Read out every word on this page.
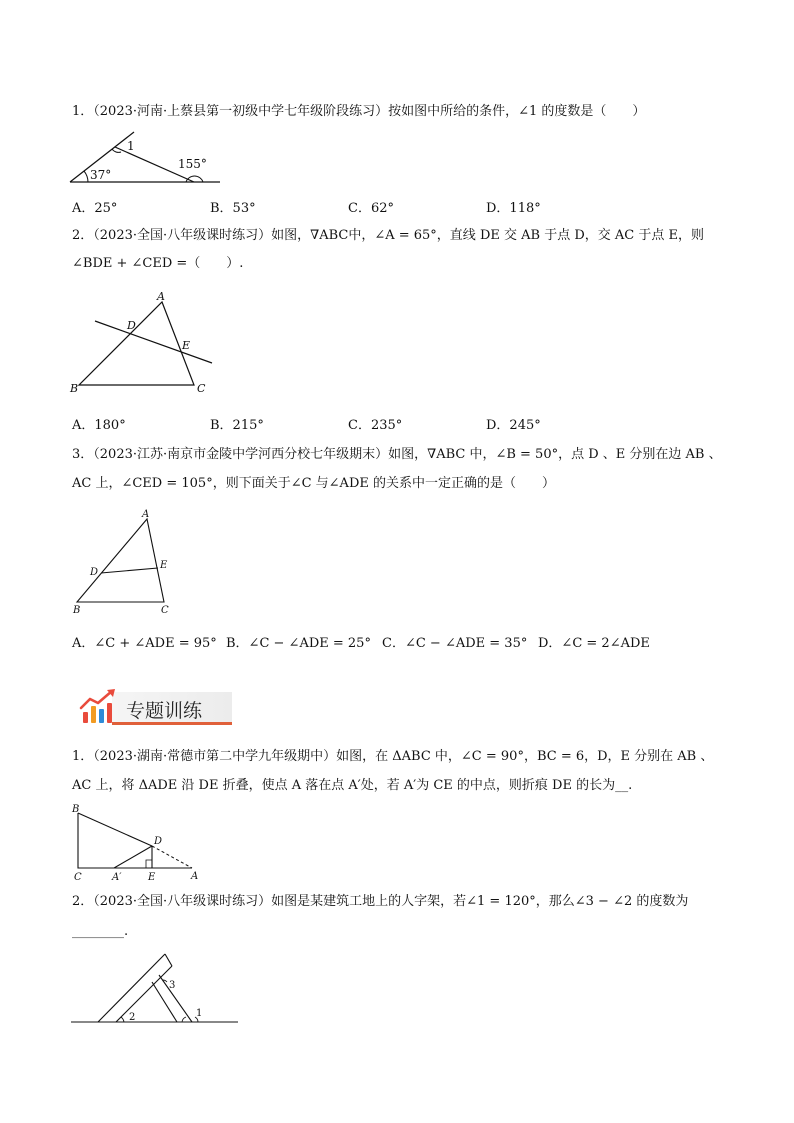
1．（2023·河南·上蔡县第一初级中学七年级阶段练习）按如图中所给的条件，∠1 的度数是（　　）
37°
155°
1
A．25°	B．53°	C．62°	D．118°
2．（2023·全国·八年级课时练习）如图，∇ABC中，∠A = 65°，直线 DE 交 AB 于点 D，交 AC 于点 E，则
∠BDE + ∠CED =（　　）.
A
B	C
D
E
A．180°	B．215°	C．235°	D．245°
3．（2023·江苏·南京市金陵中学河西分校七年级期末）如图，∇ABC 中，∠B = 50°，点 D 、E 分别在边 AB 、
AC 上，∠CED = 105°，则下面关于∠C 与∠ADE 的关系中一定正确的是（　　）
A
B	C
D
E
A．∠C + ∠ADE = 95° B．∠C − ∠ADE = 25° C．∠C − ∠ADE = 35° D．∠C = 2∠ADE
专题训练
1．（2023·湖南·常德市第二中学九年级期中）如图，在 ΔABC 中，∠C = 90°，BC = 6，D，E 分别在 AB 、
AC 上，将 ΔADE 沿 DE 折叠，使点 A 落在点 A′处，若 A′为 CE 的中点，则折痕 DE 的长为__.
B
C	A′	E
D
A
2．（2023·全国·八年级课时练习）如图是某建筑工地上的人字架，若∠1 = 120°，那么∠3 − ∠2 的度数为
________.
2
3
1
